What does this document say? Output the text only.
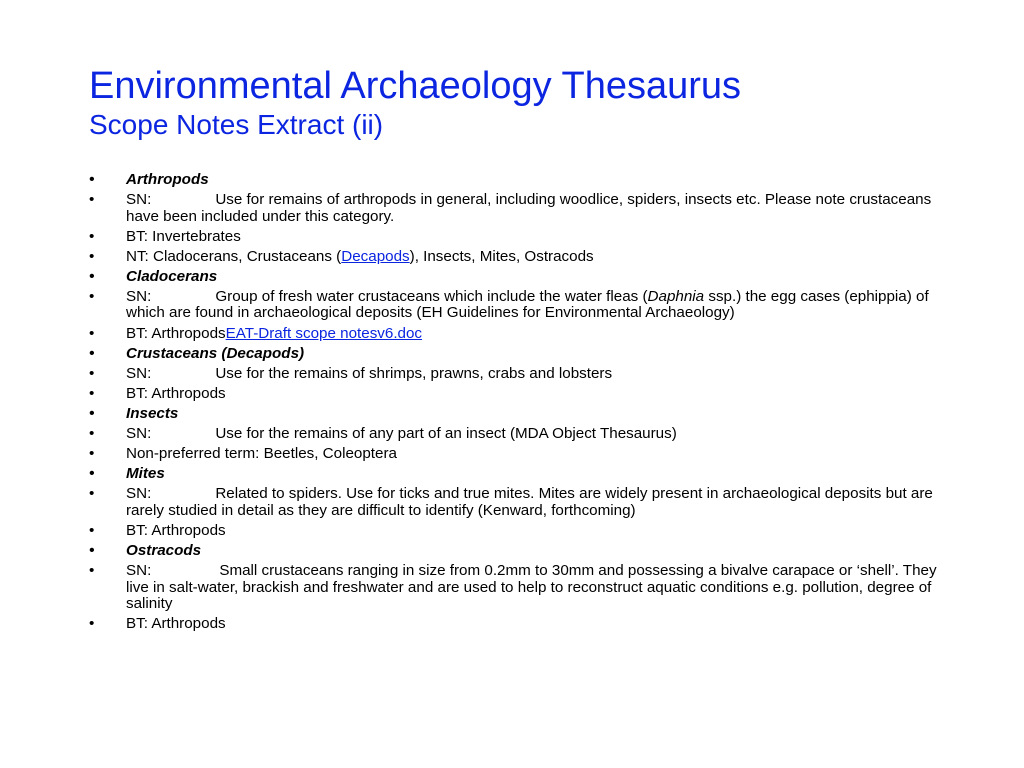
Environmental Archaeology Thesaurus
Scope Notes Extract (ii)
• Arthropods
• SN:	Use for remains of arthropods in general, including woodlice, spiders, insects etc. Please note crustaceans have been included under this category.
• BT: Invertebrates
• NT: Cladocerans, Crustaceans (Decapods), Insects, Mites, Ostracods
• Cladocerans
• SN:	Group of fresh water crustaceans which include the water fleas (Daphnia ssp.) the egg cases (ephippia) of which are found in archaeological deposits (EH Guidelines for Environmental Archaeology)
• BT: ArthropodsEAT-Draft scope notesv6.doc
• Crustaceans (Decapods)
• SN:	Use for the remains of shrimps, prawns, crabs and lobsters
• BT: Arthropods
• Insects
• SN:	Use for the remains of any part of an insect (MDA Object Thesaurus)
• Non-preferred term: Beetles, Coleoptera
• Mites
• SN:	Related to spiders. Use for ticks and true mites. Mites are widely present in archaeological deposits but are rarely studied in detail as they are difficult to identify (Kenward, forthcoming)
• BT: Arthropods
• Ostracods
• SN:	Small crustaceans ranging in size from 0.2mm to 30mm and possessing a bivalve carapace or ‘shell’. They live in salt-water, brackish and freshwater and are used to help to reconstruct aquatic conditions e.g. pollution, degree of salinity
• BT: Arthropods
